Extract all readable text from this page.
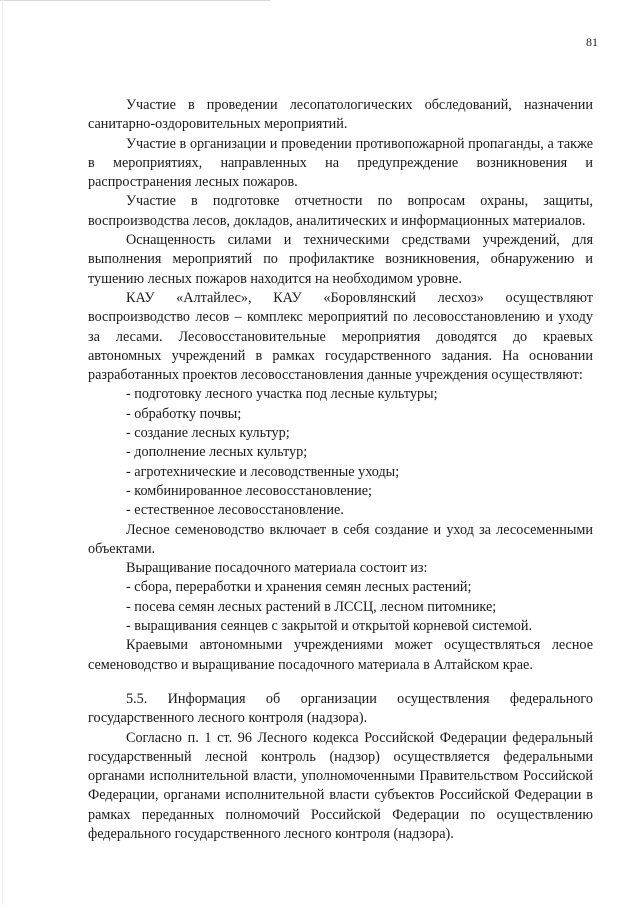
81

Участие в проведении лесопатологических обследований, назначении санитарно-оздоровительных мероприятий.

Участие в организации и проведении противопожарной пропаганды, а также в мероприятиях, направленных на предупреждение возникновения и распространения лесных пожаров.

Участие в подготовке отчетности по вопросам охраны, защиты, воспроизводства лесов, докладов, аналитических и информационных материалов.

Оснащенность силами и техническими средствами учреждений, для выполнения мероприятий по профилактике возникновения, обнаружению и тушению лесных пожаров находится на необходимом уровне.

КАУ «Алтайлес», КАУ «Боровлянский лесхоз» осуществляют воспроизводство лесов – комплекс мероприятий по лесовосстановлению и уходу за лесами. Лесовосстановительные мероприятия доводятся до краевых автономных учреждений в рамках государственного задания. На основании разработанных проектов лесовосстановления данные учреждения осуществляют:

- подготовку лесного участка под лесные культуры;
- обработку почвы;
- создание лесных культур;
- дополнение лесных культур;
- агротехнические и лесоводственные уходы;
- комбинированное лесовосстановление;
- естественное лесовосстановление.

Лесное семеноводство включает в себя создание и уход за лесосеменными объектами.

Выращивание посадочного материала состоит из:

- сбора, переработки и хранения семян лесных растений;
- посева семян лесных растений в ЛССЦ, лесном питомнике;
- выращивания сеянцев с закрытой и открытой корневой системой.

Краевыми автономными учреждениями может осуществляться лесное семеноводство и выращивание посадочного материала в Алтайском крае.

5.5. Информация об организации осуществления федерального государственного лесного контроля (надзора).

Согласно п. 1 ст. 96 Лесного кодекса Российской Федерации федеральный государственный лесной контроль (надзор) осуществляется федеральными органами исполнительной власти, уполномоченными Правительством Российской Федерации, органами исполнительной власти субъектов Российской Федерации в рамках переданных полномочий Российской Федерации по осуществлению федерального государственного лесного контроля (надзора).
